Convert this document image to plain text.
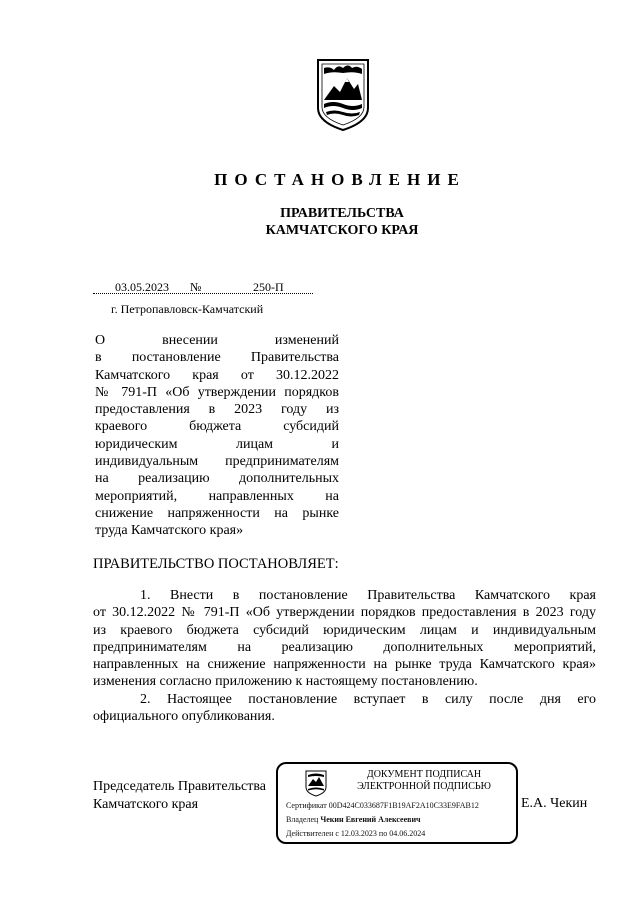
ПОСТАНОВЛЕНИЕ
ПРАВИТЕЛЬСТВА
КАМЧАТСКОГО КРАЯ
03.05.2023 №	250-П
г. Петропавловск-Камчатский
О внесении изменений
в постановление Правительства
Камчатского края от 30.12.2022
№ 791-П «Об утверждении порядков
предоставления в 2023 году из
краевого бюджета субсидий
юридическим лицам и
индивидуальным предпринимателям
на реализацию дополнительных
мероприятий, направленных на
снижение напряженности на рынке
труда Камчатского края»
ПРАВИТЕЛЬСТВО ПОСТАНОВЛЯЕТ:
1. Внести в постановление Правительства Камчатского края
от 30.12.2022 № 791-П «Об утверждении порядков предоставления в 2023 году
из краевого бюджета субсидий юридическим лицам и индивидуальным
предпринимателям на реализацию дополнительных мероприятий,
направленных на снижение напряженности на рынке труда Камчатского края»
изменения согласно приложению к настоящему постановлению.
2. Настоящее постановление вступает в силу после дня его
официального опубликования.
Председатель Правительства
Камчатского края	Е.А. Чекин
ДОКУМЕНТ ПОДПИСАН
ЭЛЕКТРОННОЙ ПОДПИСЬЮ
Сертификат 00D424C033687F1B19AF2A10C33E9FAB12
Владелец Чекин Евгений Алексеевич
Действителен с 12.03.2023 по 04.06.2024
